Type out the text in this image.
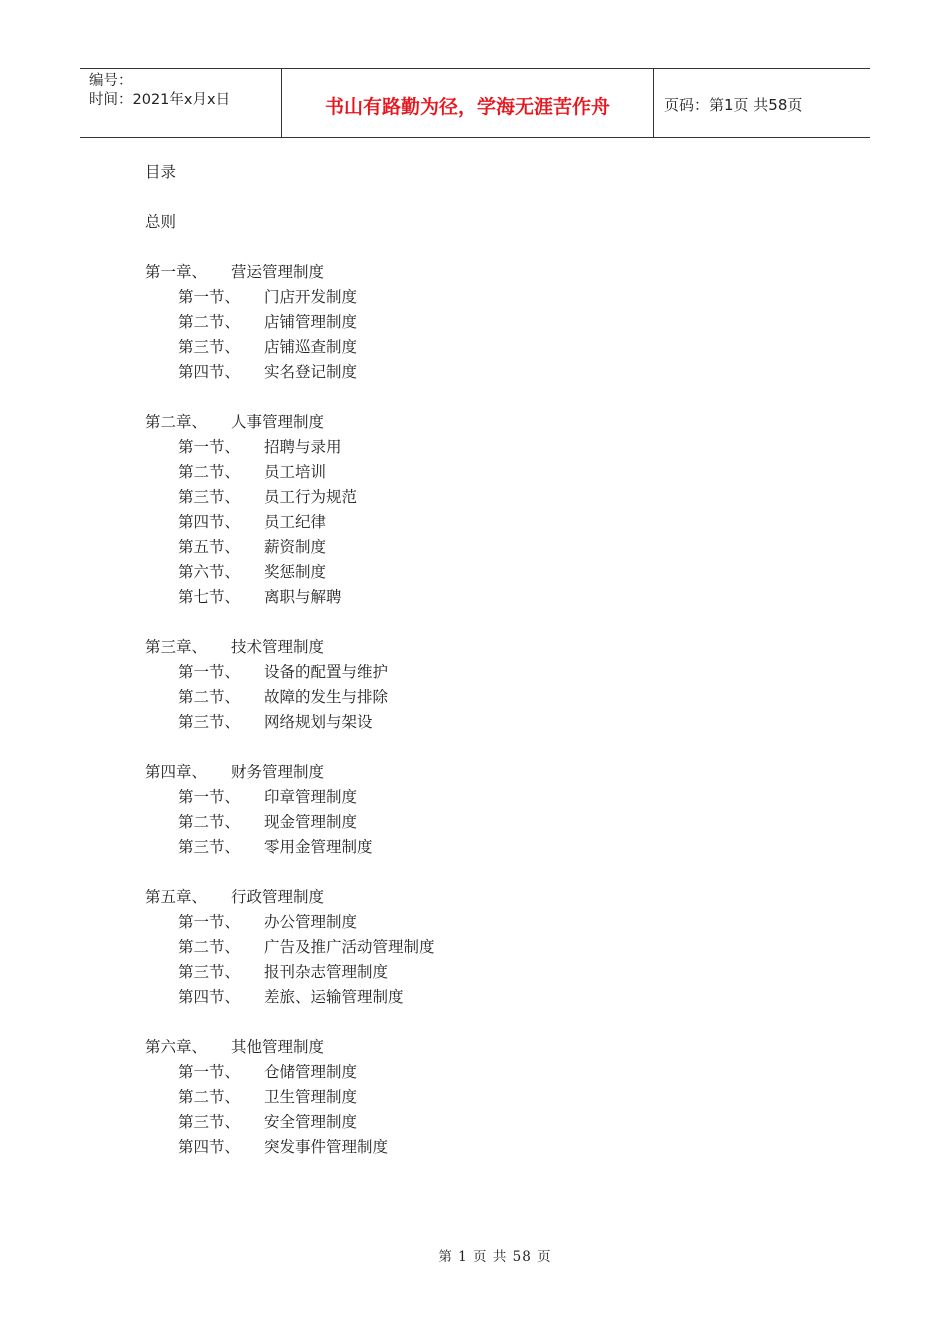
编号：
时间：2021年x月x日	书山有路勤为径，学海无涯苦作舟	页码：第1页 共58页
目录
总则
第一章、 营运管理制度
第一节、 门店开发制度
第二节、 店铺管理制度
第三节、 店铺巡查制度
第四节、 实名登记制度
第二章、 人事管理制度
第一节、 招聘与录用
第二节、 员工培训
第三节、 员工行为规范
第四节、 员工纪律
第五节、 薪资制度
第六节、 奖惩制度
第七节、 离职与解聘
第三章、 技术管理制度
第一节、 设备的配置与维护
第二节、 故障的发生与排除
第三节、 网络规划与架设
第四章、 财务管理制度
第一节、 印章管理制度
第二节、 现金管理制度
第三节、 零用金管理制度
第五章、 行政管理制度
第一节、 办公管理制度
第二节、 广告及推广活动管理制度
第三节、 报刊杂志管理制度
第四节、 差旅、运输管理制度
第六章、 其他管理制度
第一节、 仓储管理制度
第二节、 卫生管理制度
第三节、 安全管理制度
第四节、 突发事件管理制度
第 1 页 共 58 页
